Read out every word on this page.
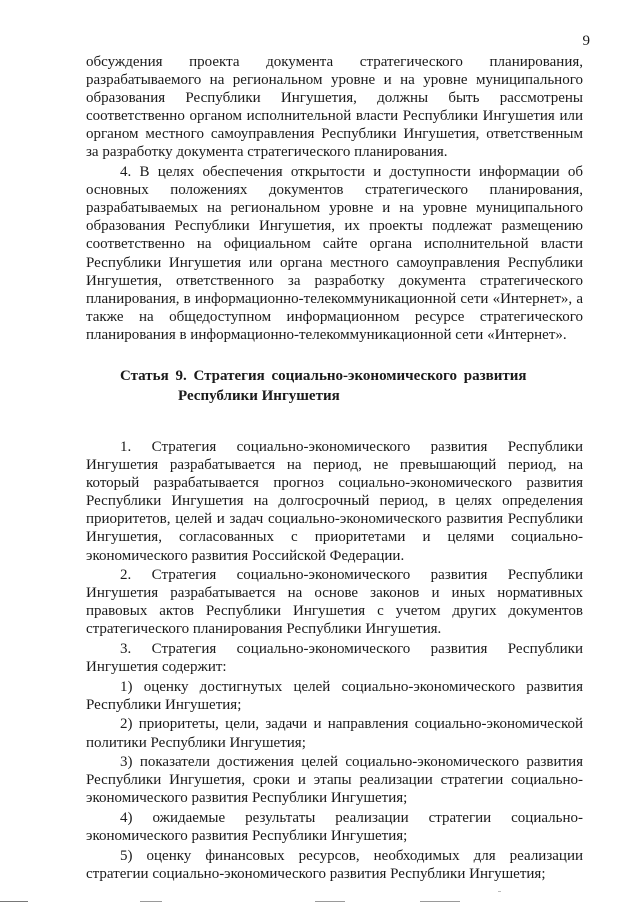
9

обсуждения проекта документа стратегического планирования, разрабатываемого на региональном уровне и на уровне муниципального образования Республики Ингушетия, должны быть рассмотрены соответственно органом исполнительной власти Республики Ингушетия или органом местного самоуправления Республики Ингушетия, ответственным за разработку документа стратегического планирования.

4. В целях обеспечения открытости и доступности информации об основных положениях документов стратегического планирования, разрабатываемых на региональном уровне и на уровне муниципального образования Республики Ингушетия, их проекты подлежат размещению соответственно на официальном сайте органа исполнительной власти Республики Ингушетия или органа местного самоуправления Республики Ингушетия, ответственного за разработку документа стратегического планирования, в информационно-телекоммуникационной сети «Интернет», а также на общедоступном информационном ресурсе стратегического планирования в информационно-телекоммуникационной сети «Интернет».

Статья 9. Стратегия социально-экономического развития
Республики Ингушетия

1. Стратегия социально-экономического развития Республики Ингушетия разрабатывается на период, не превышающий период, на который разрабатывается прогноз социально-экономического развития Республики Ингушетия на долгосрочный период, в целях определения приоритетов, целей и задач социально-экономического развития Республики Ингушетия, согласованных с приоритетами и целями социально-экономического развития Российской Федерации.

2. Стратегия социально-экономического развития Республики Ингушетия разрабатывается на основе законов и иных нормативных правовых актов Республики Ингушетия с учетом других документов стратегического планирования Республики Ингушетия.

3. Стратегия социально-экономического развития Республики Ингушетия содержит:

1) оценку достигнутых целей социально-экономического развития Республики Ингушетия;

2) приоритеты, цели, задачи и направления социально-экономической политики Республики Ингушетия;

3) показатели достижения целей социально-экономического развития Республики Ингушетия, сроки и этапы реализации стратегии социально-экономического развития Республики Ингушетия;

4) ожидаемые результаты реализации стратегии социально-экономического развития Республики Ингушетия;

5) оценку финансовых ресурсов, необходимых для реализации стратегии социально-экономического развития Республики Ингушетия;
